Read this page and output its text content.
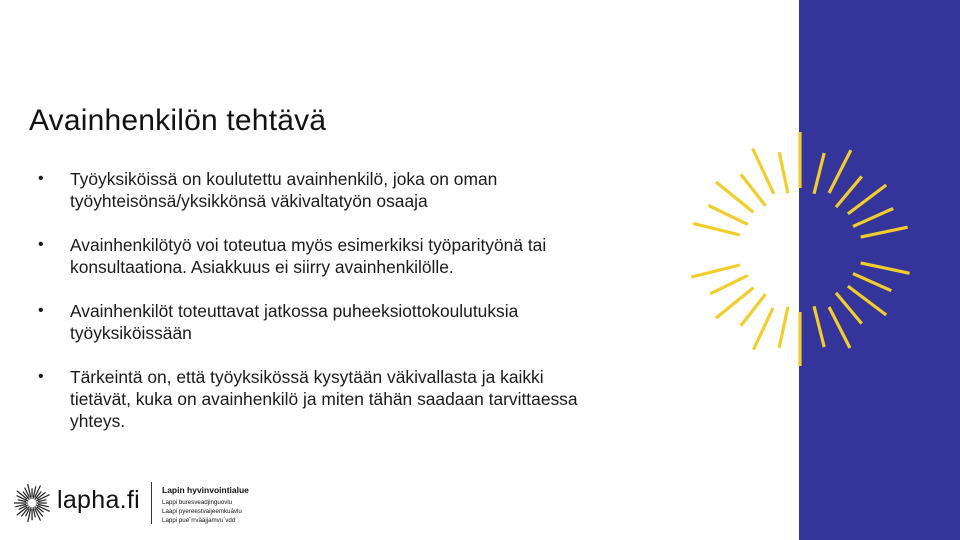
Avainhenkilön tehtävä
• Työyksiköissä on koulutettu avainhenkilö, joka on oman
työyhteisönsä/yksikkönsä väkivaltatyön osaaja
• Avainhenkilötyö voi toteutua myös esimerkiksi työparityönä tai
konsultaationa. Asiakkuus ei siirry avainhenkilölle.
• Avainhenkilöt toteuttavat jatkossa puheeksiottokoulutuksia
työyksiköissään
• Tärkeintä on, että työyksikössä kysytään väkivallasta ja kaikki
tietävät, kuka on avainhenkilö ja miten tähän saadaan tarvittaessa
yhteys.
lapha.fi	Lapin hyvinvointialue
Lappi buresveadjinguovlu
Laapi pyereestvaijeemkuávlu
Lappi pue´rrvääjjamvu´vdd
